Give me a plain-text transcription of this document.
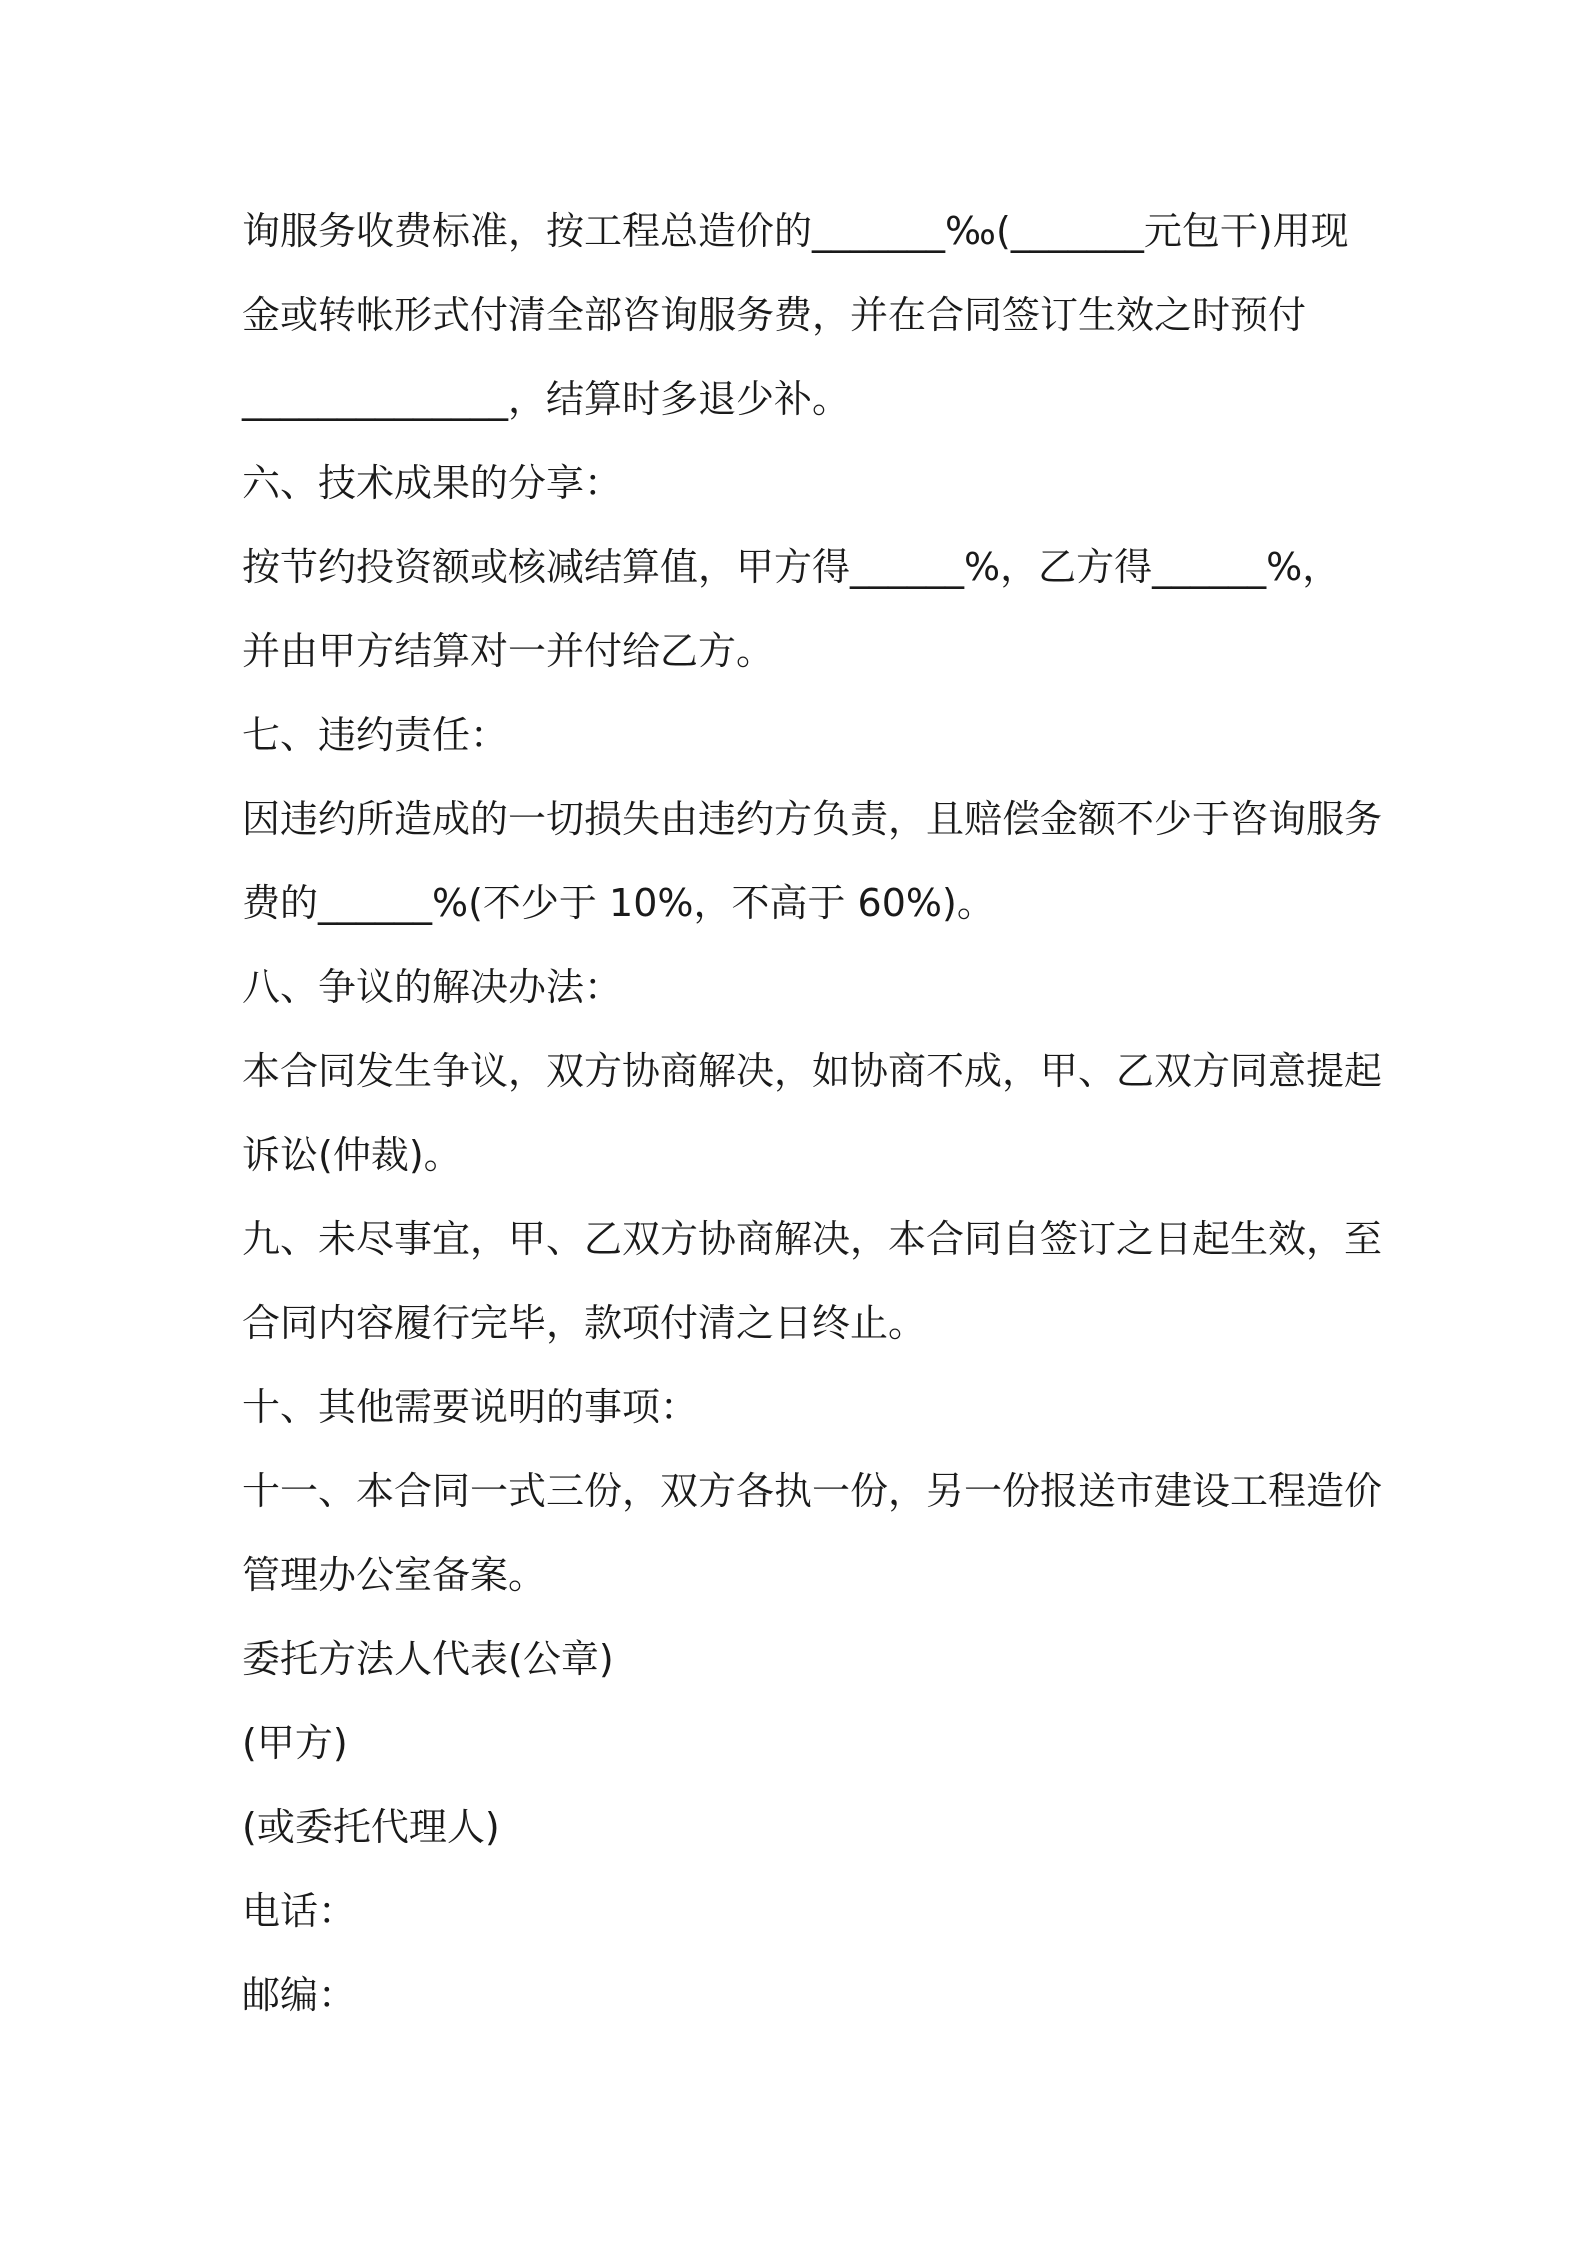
询服务收费标准，按工程总造价的_______‰(_______元包干)用现
金或转帐形式付清全部咨询服务费，并在合同签订生效之时预付
______________，结算时多退少补。
六、技术成果的分享：
按节约投资额或核减结算值，甲方得______%，乙方得______%，
并由甲方结算对一并付给乙方。
七、违约责任：
因违约所造成的一切损失由违约方负责，且赔偿金额不少于咨询服务
费的______%(不少于 10%，不高于 60%)。
八、争议的解决办法：
本合同发生争议，双方协商解决，如协商不成，甲、乙双方同意提起
诉讼(仲裁)。
九、未尽事宜，甲、乙双方协商解决，本合同自签订之日起生效，至
合同内容履行完毕，款项付清之日终止。
十、其他需要说明的事项：
十一、本合同一式三份，双方各执一份，另一份报送市建设工程造价
管理办公室备案。
委托方法人代表(公章)
(甲方)
(或委托代理人)
电话：
邮编：
